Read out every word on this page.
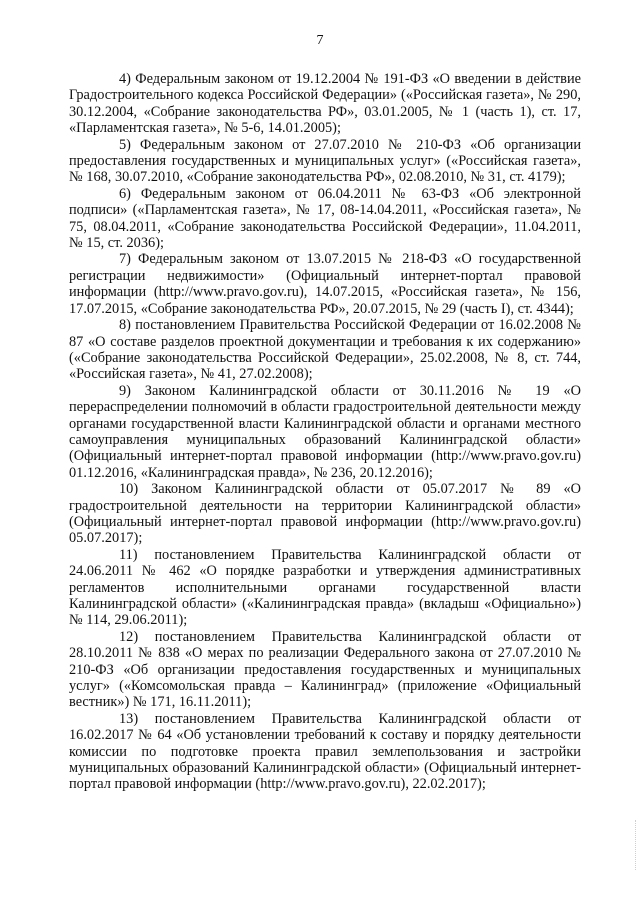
7

4) Федеральным законом от 19.12.2004 № 191-ФЗ «О введении в действие Градостроительного кодекса Российской Федерации» («Российская газета», № 290, 30.12.2004, «Собрание законодательства РФ», 03.01.2005, № 1 (часть 1), ст. 17, «Парламентская газета», № 5-6, 14.01.2005);

5) Федеральным законом от 27.07.2010 № 210-ФЗ «Об организации предоставления государственных и муниципальных услуг» («Российская газета», № 168, 30.07.2010, «Собрание законодательства РФ», 02.08.2010, № 31, ст. 4179);

6) Федеральным законом от 06.04.2011 № 63-ФЗ «Об электронной подписи» («Парламентская газета», № 17, 08-14.04.2011, «Российская газета», № 75, 08.04.2011, «Собрание законодательства Российской Федерации», 11.04.2011, № 15, ст. 2036);

7) Федеральным законом от 13.07.2015 № 218-ФЗ «О государственной регистрации недвижимости» (Официальный интернет-портал правовой информации (http://www.pravo.gov.ru), 14.07.2015, «Российская газета», № 156, 17.07.2015, «Собрание законодательства РФ», 20.07.2015, № 29 (часть I), ст. 4344);

8) постановлением Правительства Российской Федерации от 16.02.2008 № 87 «О составе разделов проектной документации и требования к их содержанию» («Собрание законодательства Российской Федерации», 25.02.2008, № 8, ст. 744, «Российская газета», № 41, 27.02.2008);

9) Законом Калининградской области от 30.11.2016 № 19 «О перераспределении полномочий в области градостроительной деятельности между органами государственной власти Калининградской области и органами местного самоуправления муниципальных образований Калининградской области» (Официальный интернет-портал правовой информации (http://www.pravo.gov.ru) 01.12.2016, «Калининградская правда», № 236, 20.12.2016);

10) Законом Калининградской области от 05.07.2017 № 89 «О градостроительной деятельности на территории Калининградской области» (Официальный интернет-портал правовой информации (http://www.pravo.gov.ru) 05.07.2017);

11) постановлением Правительства Калининградской области от 24.06.2011 № 462 «О порядке разработки и утверждения административных регламентов исполнительными органами государственной власти Калининградской области» («Калининградская правда» (вкладыш «Официально») № 114, 29.06.2011);

12) постановлением Правительства Калининградской области от 28.10.2011 № 838 «О мерах по реализации Федерального закона от 27.07.2010 № 210-ФЗ «Об организации предоставления государственных и муниципальных услуг» («Комсомольская правда – Калининград» (приложение «Официальный вестник») № 171, 16.11.2011);

13) постановлением Правительства Калининградской области от 16.02.2017 № 64 «Об установлении требований к составу и порядку деятельности комиссии по подготовке проекта правил землепользования и застройки муниципальных образований Калининградской области» (Официальный интернет-портал правовой информации (http://www.pravo.gov.ru), 22.02.2017);
